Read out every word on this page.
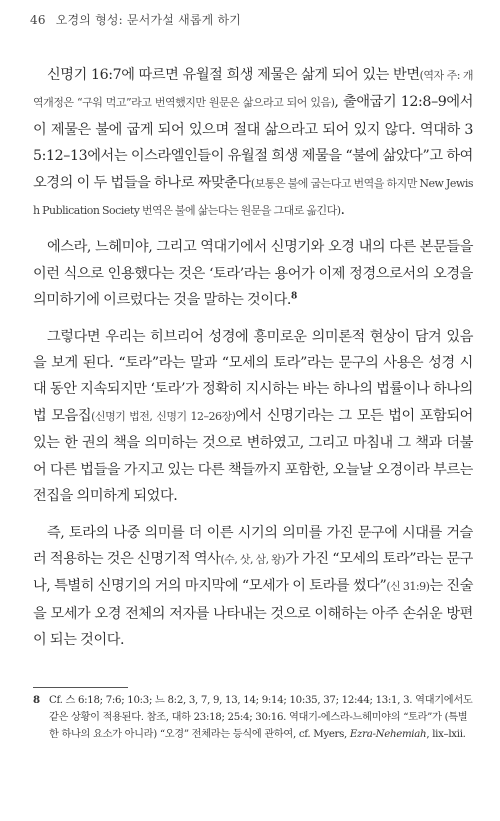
46 오경의 형성: 문서가설 새롭게 하기

신명기 16:7에 따르면 유월절 희생 제물은 삶게 되어 있는 반면(역자 주: 개역개정은 “구워 먹고”라고 번역했지만 원문은 삶으라고 되어 있음), 출애굽기 12:8–9에서 이 제물은 불에 굽게 되어 있으며 절대 삶으라고 되어 있지 않다. 역대하 35:12–13에서는 이스라엘인들이 유월절 희생 제물을 “불에 삶았다”고 하여 오경의 이 두 법들을 하나로 짜맞춘다(보통은 불에 굽는다고 번역을 하지만 New Jewish Publication Society 번역은 불에 삶는다는 원문을 그대로 옮긴다).

에스라, 느헤미야, 그리고 역대기에서 신명기와 오경 내의 다른 본문들을 이런 식으로 인용했다는 것은 ‘토라’라는 용어가 이제 정경으로서의 오경을 의미하기에 이르렀다는 것을 말하는 것이다.$^8$

그렇다면 우리는 히브리어 성경에 흥미로운 의미론적 현상이 담겨 있음을 보게 된다. “토라”라는 말과 “모세의 토라”라는 문구의 사용은 성경 시대 동안 지속되지만 ‘토라’가 정확히 지시하는 바는 하나의 법률이나 하나의 법 모음집(신명기 법전, 신명기 12–26장)에서 신명기라는 그 모든 법이 포함되어 있는 한 권의 책을 의미하는 것으로 변하였고, 그리고 마침내 그 책과 더불어 다른 법들을 가지고 있는 다른 책들까지 포함한, 오늘날 오경이라 부르는 전집을 의미하게 되었다.

즉, 토라의 나중 의미를 더 이른 시기의 의미를 가진 문구에 시대를 거슬러 적용하는 것은 신명기적 역사(수, 삿, 삼, 왕)가 가진 “모세의 토라”라는 문구나, 특별히 신명기의 거의 마지막에 “모세가 이 토라를 썼다”(신 31:9)는 진술을 모세가 오경 전체의 저자를 나타내는 것으로 이해하는 아주 손쉬운 방편이 되는 것이다.

8 Cf. 스 6:18; 7:6; 10:3; 느 8:2, 3, 7, 9, 13, 14; 9:14; 10:35, 37; 12:44; 13:1, 3. 역대기에서도 같은 상황이 적용된다. 참조, 대하 23:18; 25:4; 30:16. 역대기-에스라-느헤미야의 “토라”가 (특별한 하나의 요소가 아니라) “오경” 전체라는 등식에 관하여, cf. Myers, Ezra-Nehemiah, lix–lxii.
